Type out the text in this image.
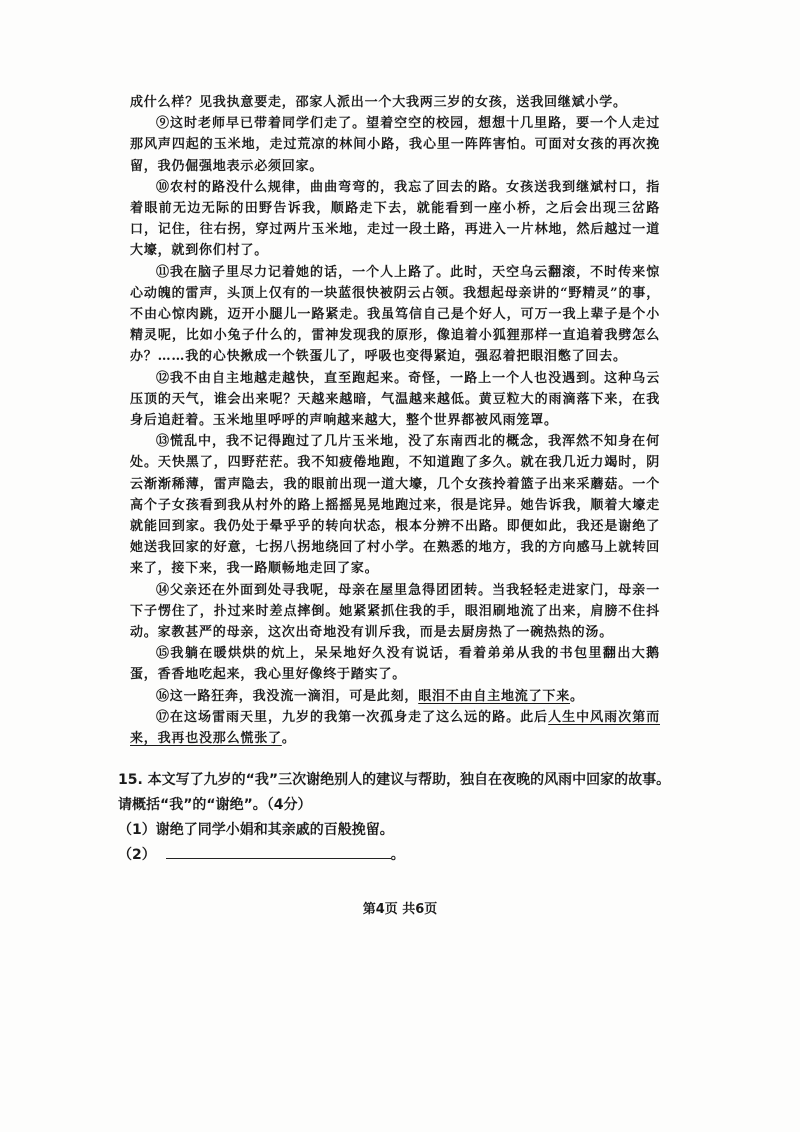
成什么样？见我执意要走，邵家人派出一个大我两三岁的女孩，送我回继斌小学。

⑨这时老师早已带着同学们走了。望着空空的校园，想想十几里路，要一个人走过那风声四起的玉米地，走过荒凉的林间小路，我心里一阵阵害怕。可面对女孩的再次挽留，我仍倔强地表示必须回家。

⑩农村的路没什么规律，曲曲弯弯的，我忘了回去的路。女孩送我到继斌村口，指着眼前无边无际的田野告诉我，顺路走下去，就能看到一座小桥，之后会出现三岔路口，记住，往右拐，穿过两片玉米地，走过一段土路，再进入一片林地，然后越过一道大壕，就到你们村了。

⑪我在脑子里尽力记着她的话，一个人上路了。此时，天空乌云翻滚，不时传来惊心动魄的雷声，头顶上仅有的一块蓝很快被阴云占领。我想起母亲讲的“野精灵”的事，不由心惊肉跳，迈开小腿儿一路紧走。我虽笃信自己是个好人，可万一我上辈子是个小精灵呢，比如小兔子什么的，雷神发现我的原形，像追着小狐狸那样一直追着我劈怎么办？……我的心快揪成一个铁蛋儿了，呼吸也变得紧迫，强忍着把眼泪憋了回去。

⑫我不由自主地越走越快，直至跑起来。奇怪，一路上一个人也没遇到。这种乌云压顶的天气，谁会出来呢？天越来越暗，气温越来越低。黄豆粒大的雨滴落下来，在我身后追赶着。玉米地里呼呼的声响越来越大，整个世界都被风雨笼罩。

⑬慌乱中，我不记得跑过了几片玉米地，没了东南西北的概念，我浑然不知身在何处。天快黑了，四野茫茫。我不知疲倦地跑，不知道跑了多久。就在我几近力竭时，阴云渐渐稀薄，雷声隐去，我的眼前出现一道大壕，几个女孩拎着篮子出来采蘑菇。一个高个子女孩看到我从村外的路上摇摇晃晃地跑过来，很是诧异。她告诉我，顺着大壕走就能回到家。我仍处于晕乎乎的转向状态，根本分辨不出路。即便如此，我还是谢绝了她送我回家的好意，七拐八拐地绕回了村小学。在熟悉的地方，我的方向感马上就转回来了，接下来，我一路顺畅地走回了家。

⑭父亲还在外面到处寻我呢，母亲在屋里急得团团转。当我轻轻走进家门，母亲一下子愣住了，扑过来时差点摔倒。她紧紧抓住我的手，眼泪刷地流了出来，肩膀不住抖动。家教甚严的母亲，这次出奇地没有训斥我，而是去厨房热了一碗热热的汤。

⑮我躺在暖烘烘的炕上，呆呆地好久没有说话，看着弟弟从我的书包里翻出大鹅蛋，香香地吃起来，我心里好像终于踏实了。

⑯这一路狂奔，我没流一滴泪，可是此刻，眼泪不由自主地流了下来。

⑰在这场雷雨天里，九岁的我第一次孤身走了这么远的路。此后人生中风雨次第而来，我再也没那么慌张了。

15. 本文写了九岁的“我”三次谢绝别人的建议与帮助，独自在夜晚的风雨中回家的故事。请概括“我”的“谢绝”。（4分）

（1）谢绝了同学小娟和其亲戚的百般挽留。

（2）	。

第4页 共6页
